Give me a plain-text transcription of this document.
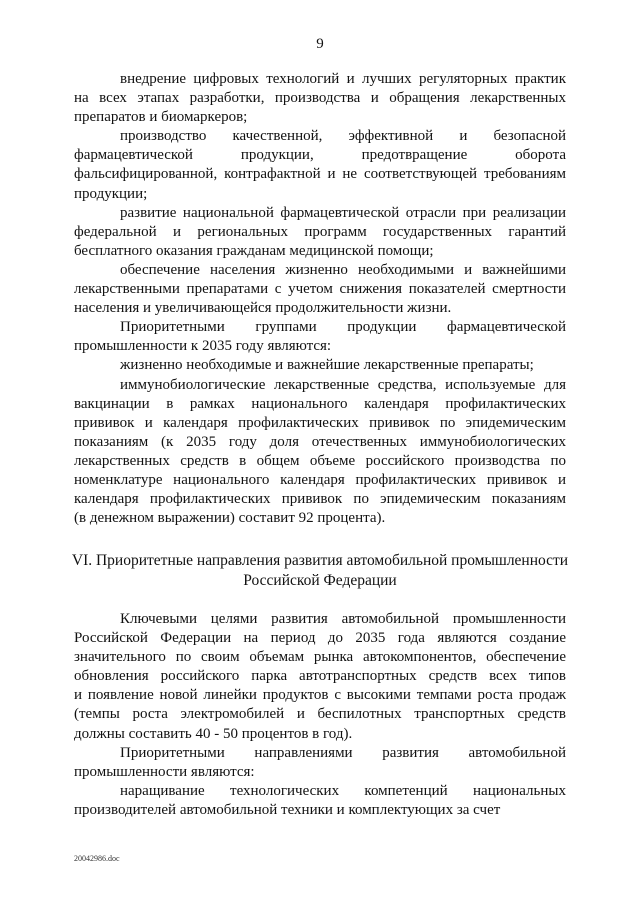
9
внедрение цифровых технологий и лучших регуляторных практик
на всех этапах разработки, производства и обращения лекарственных
препаратов и биомаркеров;
производство качественной, эффективной и безопасной
фармацевтической продукции, предотвращение оборота
фальсифицированной, контрафактной и не соответствующей требованиям
продукции;
развитие национальной фармацевтической отрасли при реализации
федеральной и региональных программ государственных гарантий
бесплатного оказания гражданам медицинской помощи;
обеспечение населения жизненно необходимыми и важнейшими
лекарственными препаратами с учетом снижения показателей смертности
населения и увеличивающейся продолжительности жизни.
Приоритетными группами продукции фармацевтической
промышленности к 2035 году являются:
жизненно необходимые и важнейшие лекарственные препараты;
иммунобиологические лекарственные средства, используемые для
вакцинации в рамках национального календаря профилактических
прививок и календаря профилактических прививок по эпидемическим
показаниям (к 2035 году доля отечественных иммунобиологических
лекарственных средств в общем объеме российского производства по
номенклатуре национального календаря профилактических прививок и
календаря профилактических прививок по эпидемическим показаниям
(в денежном выражении) составит 92 процента).
VI. Приоритетные направления развития автомобильной промышленности
Российской Федерации
Ключевыми целями развития автомобильной промышленности
Российской Федерации на период до 2035 года являются создание
значительного по своим объемам рынка автокомпонентов, обеспечение
обновления российского парка автотранспортных средств всех типов
и появление новой линейки продуктов с высокими темпами роста продаж
(темпы роста электромобилей и беспилотных транспортных средств
должны составить 40 - 50 процентов в год).
Приоритетными направлениями развития автомобильной
промышленности являются:
наращивание технологических компетенций национальных
производителей автомобильной техники и комплектующих за счет
20042986.doc
